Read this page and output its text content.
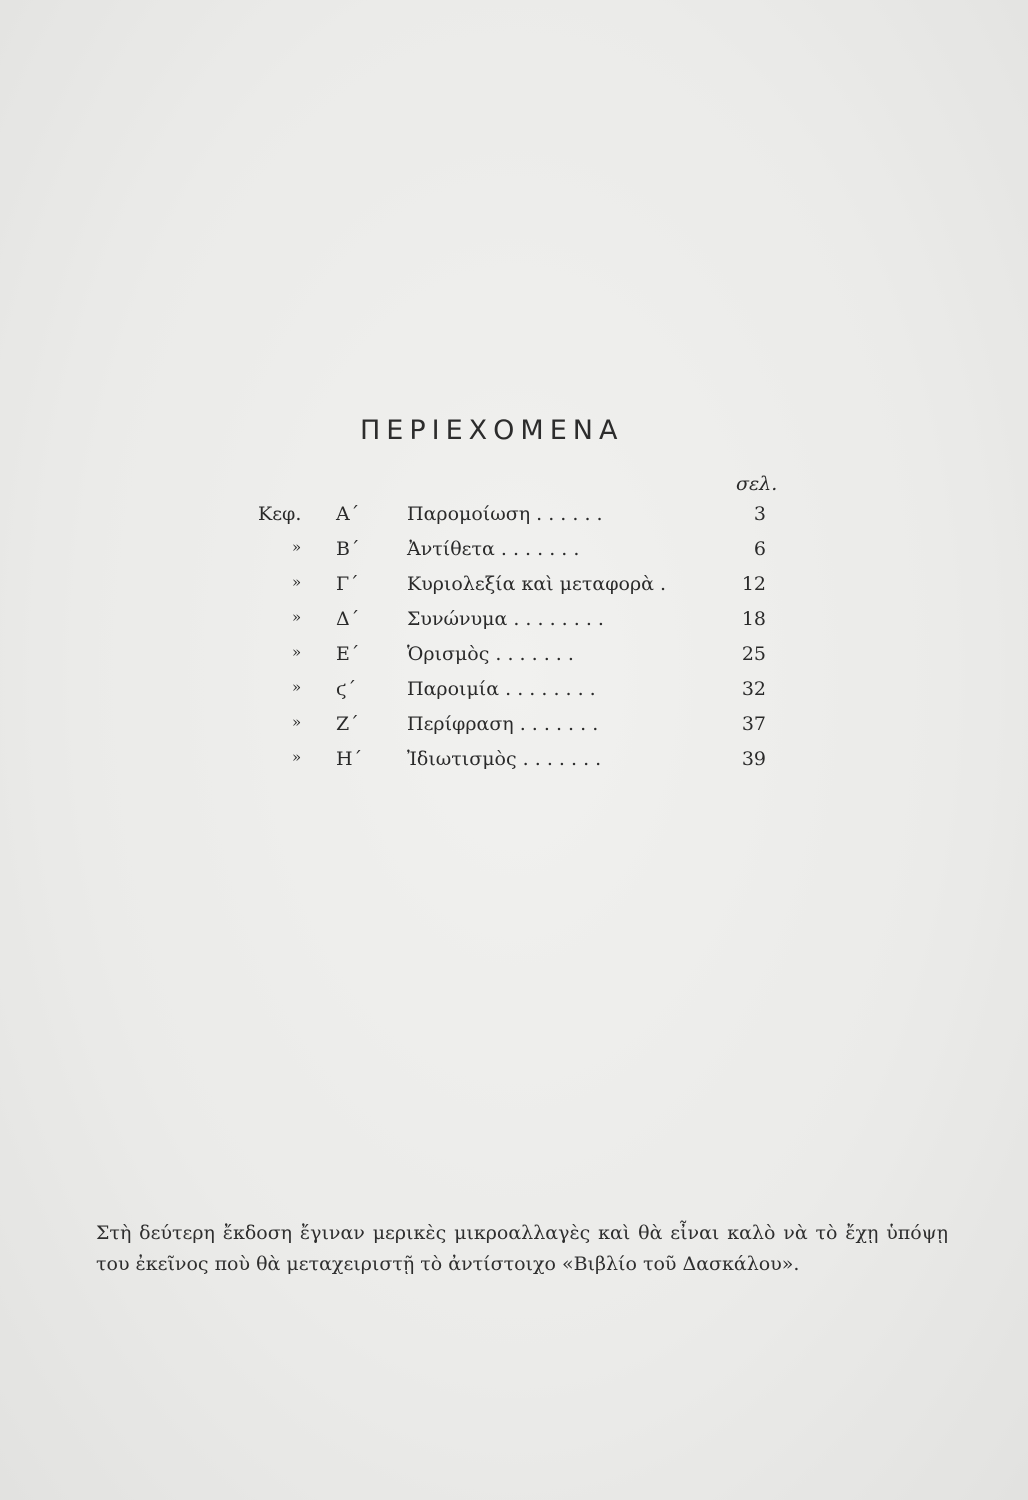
ΠΕΡΙΕΧΟΜΕΝΑ
σελ.
Κεφ. Α΄	Παρομοίωση . . . . . .	3
» Β΄	Ἀντίθετα . . . . . . .	6
» Γ΄	Κυριολεξία καὶ μεταφορὰ .	12
» Δ΄	Συνώνυμα . . . . . . . .	18
» Ε΄	Ὁρισμὸς . . . . . . .	25
» ϛ΄	Παροιμία . . . . . . . .	32
» Ζ΄	Περίφραση . . . . . . .	37
» Η΄ Ἰδιωτισμὸς . . . . . . .	39
Στὴ δεύτερη ἔκδοση ἔγιναν μερικὲς μικροαλλαγὲς καὶ θὰ εἶναι καλὸ νὰ τὸ ἔχῃ ὑπόψῃ του ἐκεῖνος ποὺ θὰ μεταχειριστῇ τὸ ἀντίστοιχο «Βιβλίο τοῦ Δασκάλου».
